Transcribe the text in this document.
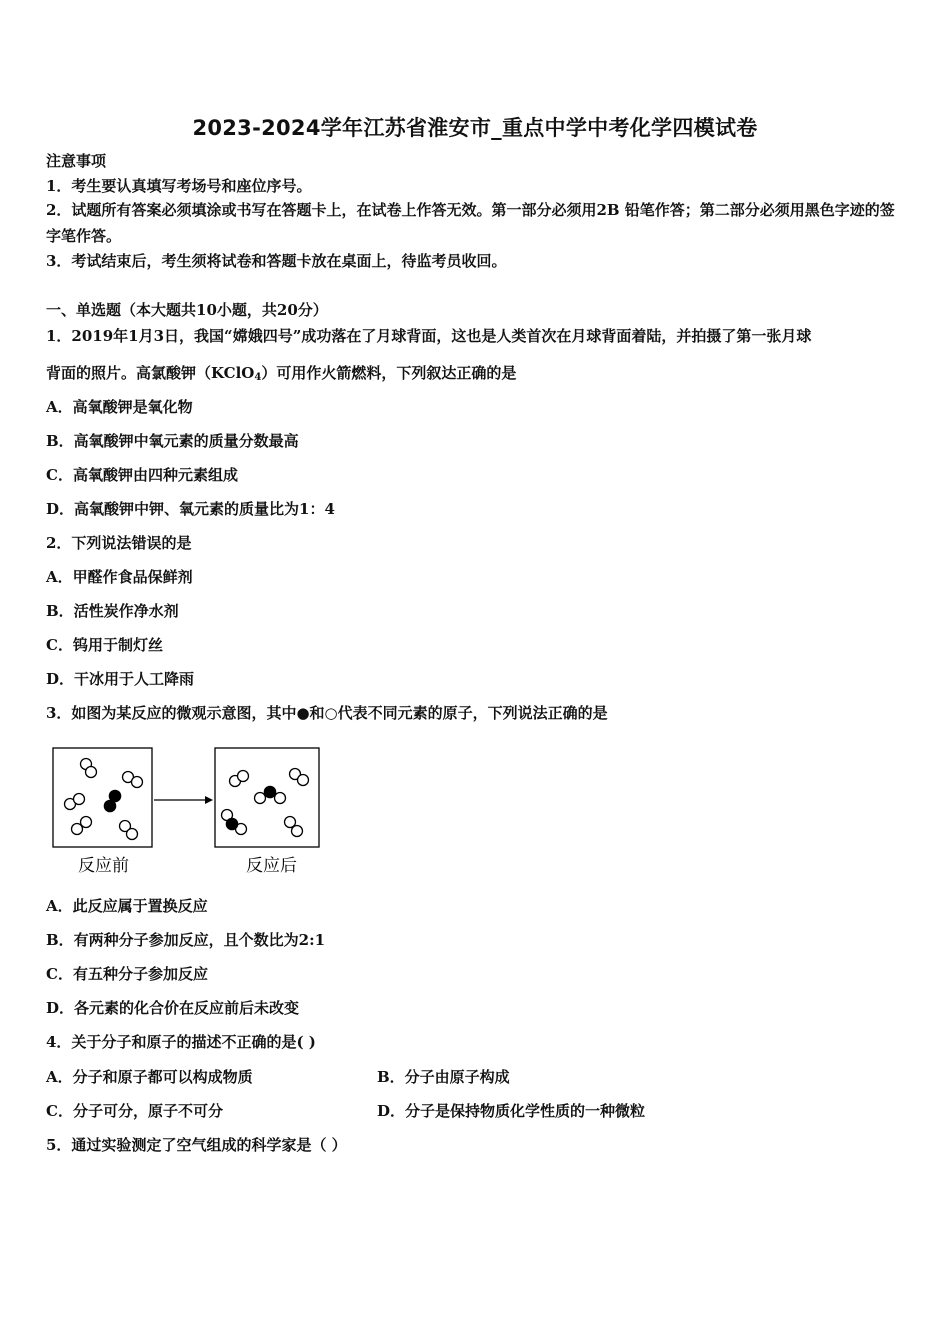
2023-2024学年江苏省淮安市_重点中学中考化学四模试卷
注意事项
1．考生要认真填写考场号和座位序号。
2．试题所有答案必须填涂或书写在答题卡上，在试卷上作答无效。第一部分必须用2B 铅笔作答；第二部分必须用黑色字迹的签字笔作答。
3．考试结束后，考生须将试卷和答题卡放在桌面上，待监考员收回。
一、单选题（本大题共10小题，共20分）
1．2019年1月3日，我国“嫦娥四号”成功落在了月球背面，这也是人类首次在月球背面着陆，并拍摄了第一张月球
背面的照片。高氯酸钾（KClO$_4$）可用作火箭燃料，下列叙达正确的是
A．高氧酸钾是氧化物
B．高氧酸钾中氧元素的质量分数最高
C．高氧酸钾由四种元素组成
D．高氧酸钾中钾、氧元素的质量比为1：4
2．下列说法错误的是
A．甲醛作食品保鲜剂
B．活性炭作净水剂
C．钨用于制灯丝
D．干冰用于人工降雨
3．如图为某反应的微观示意图，其中●和○代表不同元素的原子，下列说法正确的是
反应前	反应后
A．此反应属于置换反应
B．有两种分子参加反应，且个数比为2:1
C．有五种分子参加反应
D．各元素的化合价在反应前后未改变
4．关于分子和原子的描述不正确的是( )
A．分子和原子都可以构成物质	B．分子由原子构成
C．分子可分，原子不可分	D．分子是保持物质化学性质的一种微粒
5．通过实验测定了空气组成的科学家是（ ）
